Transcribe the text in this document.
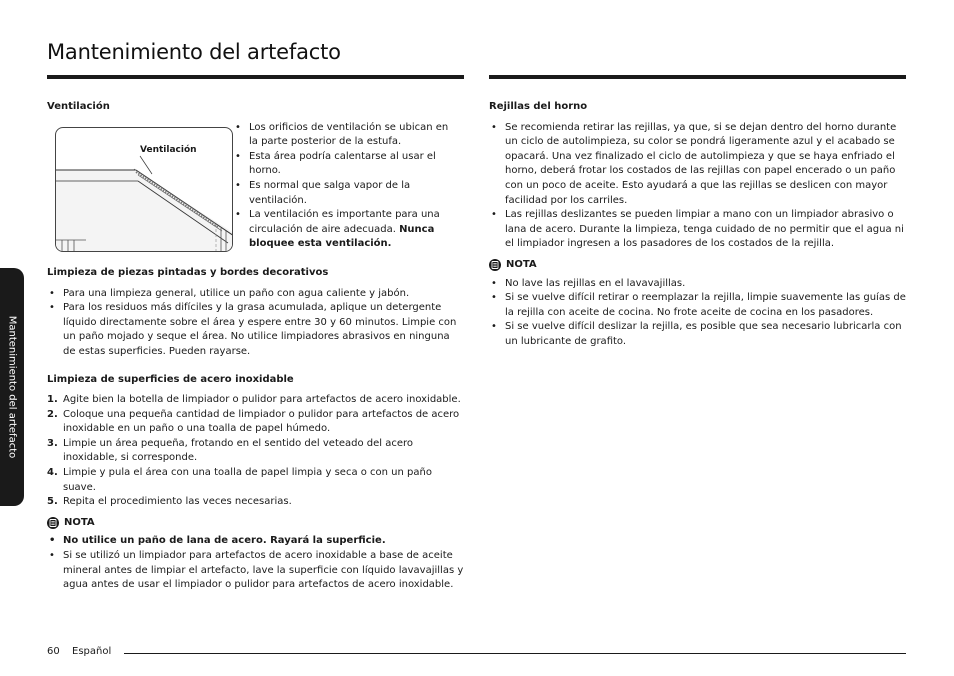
Mantenimiento del artefacto
Mantenimiento del artefacto
Ventilación
Ventilación
• Los orificios de ventilación se ubican en la parte posterior de la estufa.
• Esta área podría calentarse al usar el horno.
• Es normal que salga vapor de la ventilación.
• La ventilación es importante para una circulación de aire adecuada. Nunca bloquee esta ventilación.
Limpieza de piezas pintadas y bordes decorativos
• Para una limpieza general, utilice un paño con agua caliente y jabón.
• Para los residuos más difíciles y la grasa acumulada, aplique un detergente líquido directamente sobre el área y espere entre 30 y 60 minutos. Limpie con un paño mojado y seque el área. No utilice limpiadores abrasivos en ninguna de estas superficies. Pueden rayarse.
Limpieza de superficies de acero inoxidable
1. Agite bien la botella de limpiador o pulidor para artefactos de acero inoxidable.
2. Coloque una pequeña cantidad de limpiador o pulidor para artefactos de acero inoxidable en un paño o una toalla de papel húmedo.
3. Limpie un área pequeña, frotando en el sentido del veteado del acero inoxidable, si corresponde.
4. Limpie y pula el área con una toalla de papel limpia y seca o con un paño suave.
5. Repita el procedimiento las veces necesarias.
NOTA
• No utilice un paño de lana de acero. Rayará la superficie.
• Si se utilizó un limpiador para artefactos de acero inoxidable a base de aceite mineral antes de limpiar el artefacto, lave la superficie con líquido lavavajillas y agua antes de usar el limpiador o pulidor para artefactos de acero inoxidable.
Rejillas del horno
• Se recomienda retirar las rejillas, ya que, si se dejan dentro del horno durante un ciclo de autolimpieza, su color se pondrá ligeramente azul y el acabado se opacará. Una vez finalizado el ciclo de autolimpieza y que se haya enfriado el horno, deberá frotar los costados de las rejillas con papel encerado o un paño con un poco de aceite. Esto ayudará a que las rejillas se deslicen con mayor facilidad por los carriles.
• Las rejillas deslizantes se pueden limpiar a mano con un limpiador abrasivo o lana de acero. Durante la limpieza, tenga cuidado de no permitir que el agua ni el limpiador ingresen a los pasadores de los costados de la rejilla.
NOTA
• No lave las rejillas en el lavavajillas.
• Si se vuelve difícil retirar o reemplazar la rejilla, limpie suavemente las guías de la rejilla con aceite de cocina. No frote aceite de cocina en los pasadores.
• Si se vuelve difícil deslizar la rejilla, es posible que sea necesario lubricarla con un lubricante de grafito.
60 Español
